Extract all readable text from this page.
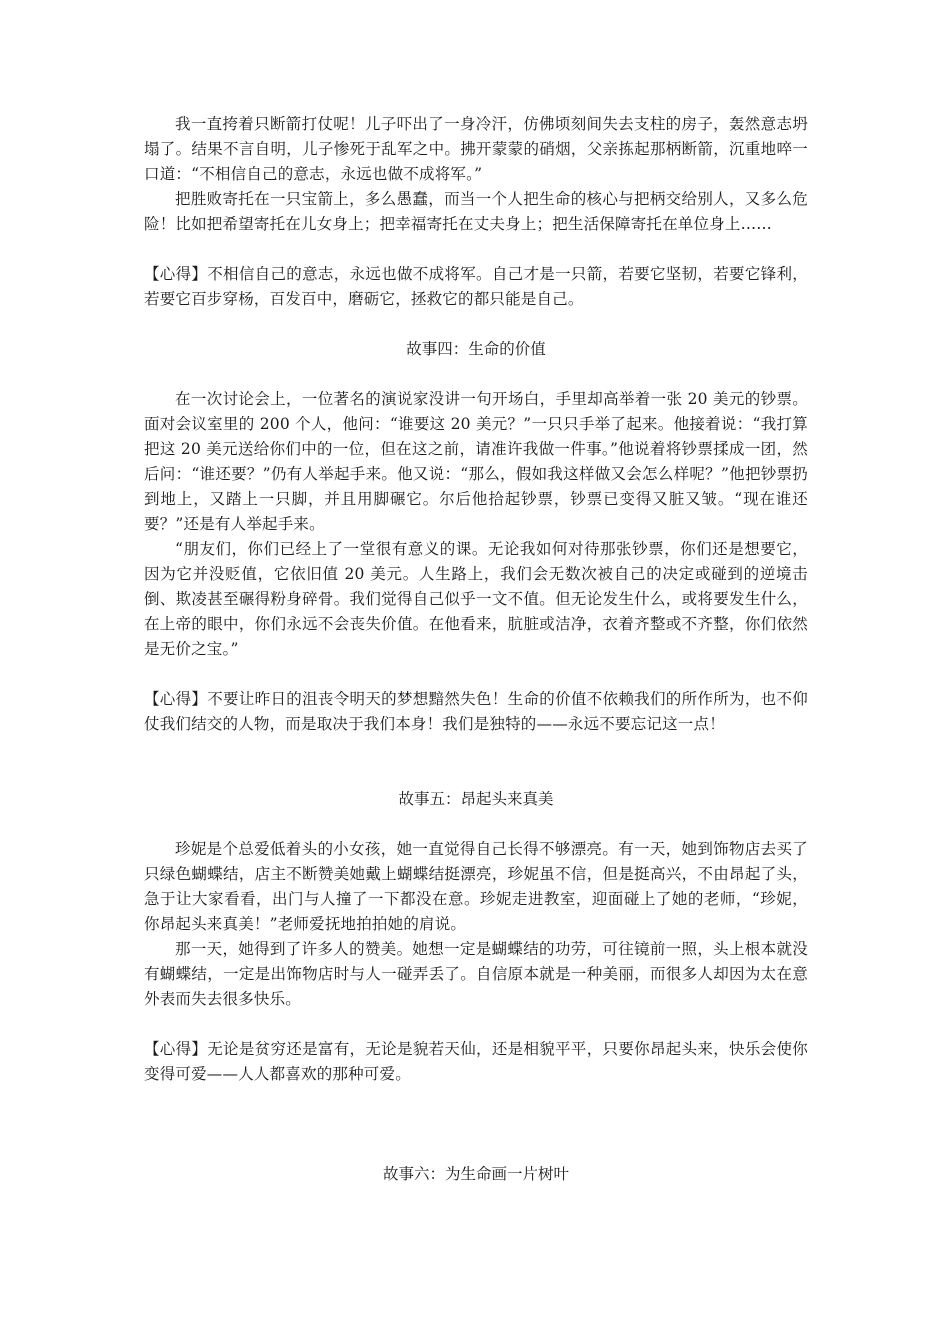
我一直挎着只断箭打仗呢！儿子吓出了一身冷汗，仿佛顷刻间失去支柱的房子，轰然意志坍塌了。结果不言自明，儿子惨死于乱军之中。拂开蒙蒙的硝烟，父亲拣起那柄断箭，沉重地啐一口道：“不相信自己的意志，永远也做不成将军。”

把胜败寄托在一只宝箭上，多么愚蠢，而当一个人把生命的核心与把柄交给别人，又多么危险！比如把希望寄托在儿女身上；把幸福寄托在丈夫身上；把生活保障寄托在单位身上……

【心得】不相信自己的意志，永远也做不成将军。自己才是一只箭，若要它坚韧，若要它锋利，若要它百步穿杨，百发百中，磨砺它，拯救它的都只能是自己。

故事四：生命的价值

在一次讨论会上，一位著名的演说家没讲一句开场白，手里却高举着一张 20 美元的钞票。面对会议室里的 200 个人，他问：“谁要这 20 美元？”一只只手举了起来。他接着说：“我打算把这 20 美元送给你们中的一位，但在这之前，请准许我做一件事。”他说着将钞票揉成一团，然后问：“谁还要？”仍有人举起手来。他又说：“那么，假如我这样做又会怎么样呢？”他把钞票扔到地上，又踏上一只脚，并且用脚碾它。尔后他拾起钞票，钞票已变得又脏又皱。“现在谁还要？”还是有人举起手来。

“朋友们，你们已经上了一堂很有意义的课。无论我如何对待那张钞票，你们还是想要它，因为它并没贬值，它依旧值 20 美元。人生路上，我们会无数次被自己的决定或碰到的逆境击倒、欺凌甚至碾得粉身碎骨。我们觉得自己似乎一文不值。但无论发生什么，或将要发生什么，在上帝的眼中，你们永远不会丧失价值。在他看来，肮脏或洁净，衣着齐整或不齐整，你们依然是无价之宝。”

【心得】不要让昨日的沮丧令明天的梦想黯然失色！生命的价值不依赖我们的所作所为，也不仰仗我们结交的人物，而是取决于我们本身！我们是独特的——永远不要忘记这一点！

故事五：昂起头来真美

珍妮是个总爱低着头的小女孩，她一直觉得自己长得不够漂亮。有一天，她到饰物店去买了只绿色蝴蝶结，店主不断赞美她戴上蝴蝶结挺漂亮，珍妮虽不信，但是挺高兴，不由昂起了头，急于让大家看看，出门与人撞了一下都没在意。珍妮走进教室，迎面碰上了她的老师，“珍妮，你昂起头来真美！”老师爱抚地拍拍她的肩说。

那一天，她得到了许多人的赞美。她想一定是蝴蝶结的功劳，可往镜前一照，头上根本就没有蝴蝶结，一定是出饰物店时与人一碰弄丢了。自信原本就是一种美丽，而很多人却因为太在意外表而失去很多快乐。

【心得】无论是贫穷还是富有，无论是貌若天仙，还是相貌平平，只要你昂起头来，快乐会使你变得可爱——人人都喜欢的那种可爱。

故事六：为生命画一片树叶
